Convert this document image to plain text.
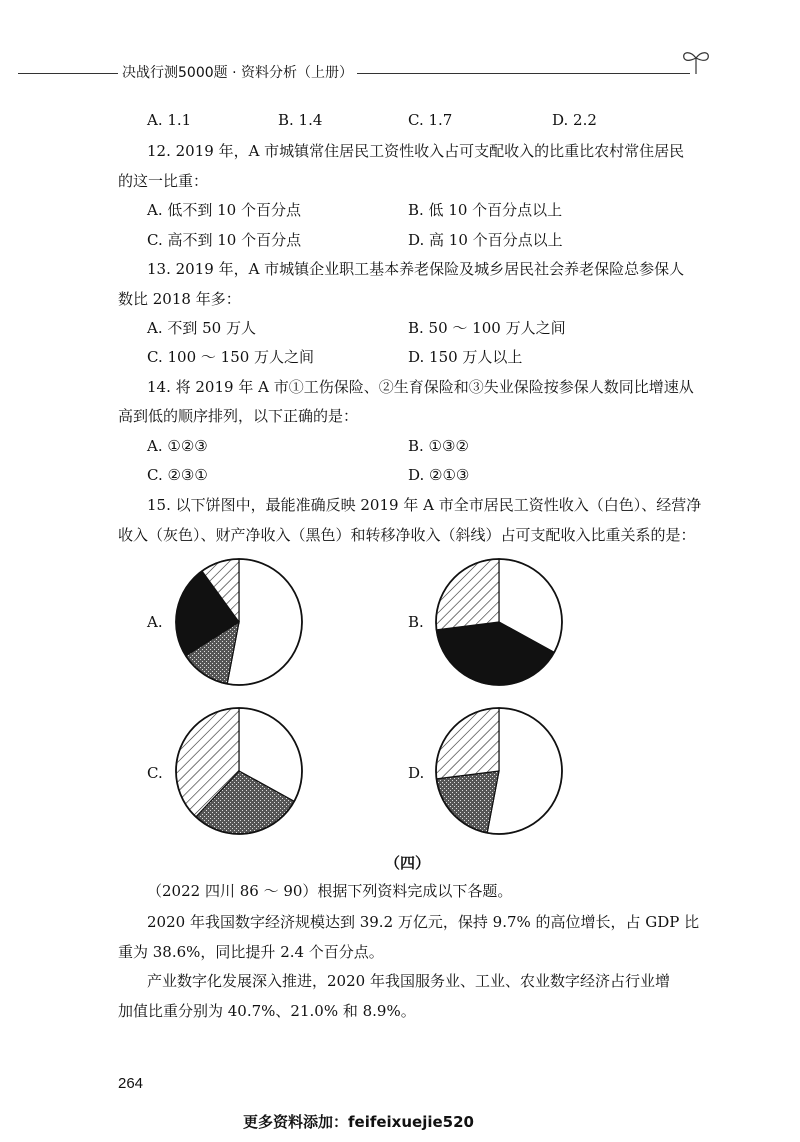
决战行测5000题 · 资料分析（上册）
A. 1.1	B. 1.4	C. 1.7	D. 2.2
12. 2019 年，A 市城镇常住居民工资性收入占可支配收入的比重比农村常住居民
的这一比重：
A. 低不到 10 个百分点	B. 低 10 个百分点以上
C. 高不到 10 个百分点	D. 高 10 个百分点以上
13. 2019 年，A 市城镇企业职工基本养老保险及城乡居民社会养老保险总参保人
数比 2018 年多：
A. 不到 50 万人	B. 50 ～ 100 万人之间
C. 100 ～ 150 万人之间	D. 150 万人以上
14. 将 2019 年 A 市①工伤保险、②生育保险和③失业保险按参保人数同比增速从
高到低的顺序排列，以下正确的是：
A. ①②③	B. ①③②
C. ②③①	D. ②①③
15. 以下饼图中，最能准确反映 2019 年 A 市全市居民工资性收入（白色）、经营净
收入（灰色）、财产净收入（黑色）和转移净收入（斜线）占可支配收入比重关系的是：
A.	B.
C.	D.
（四）
（2022 四川 86 ～ 90）根据下列资料完成以下各题。
2020 年我国数字经济规模达到 39.2 万亿元，保持 9.7% 的高位增长，占 GDP 比
重为 38.6%，同比提升 2.4 个百分点。
产业数字化发展深入推进，2020 年我国服务业、工业、农业数字经济占行业增
加值比重分别为 40.7%、21.0% 和 8.9%。
264
更多资料添加：feifeixuejie520
